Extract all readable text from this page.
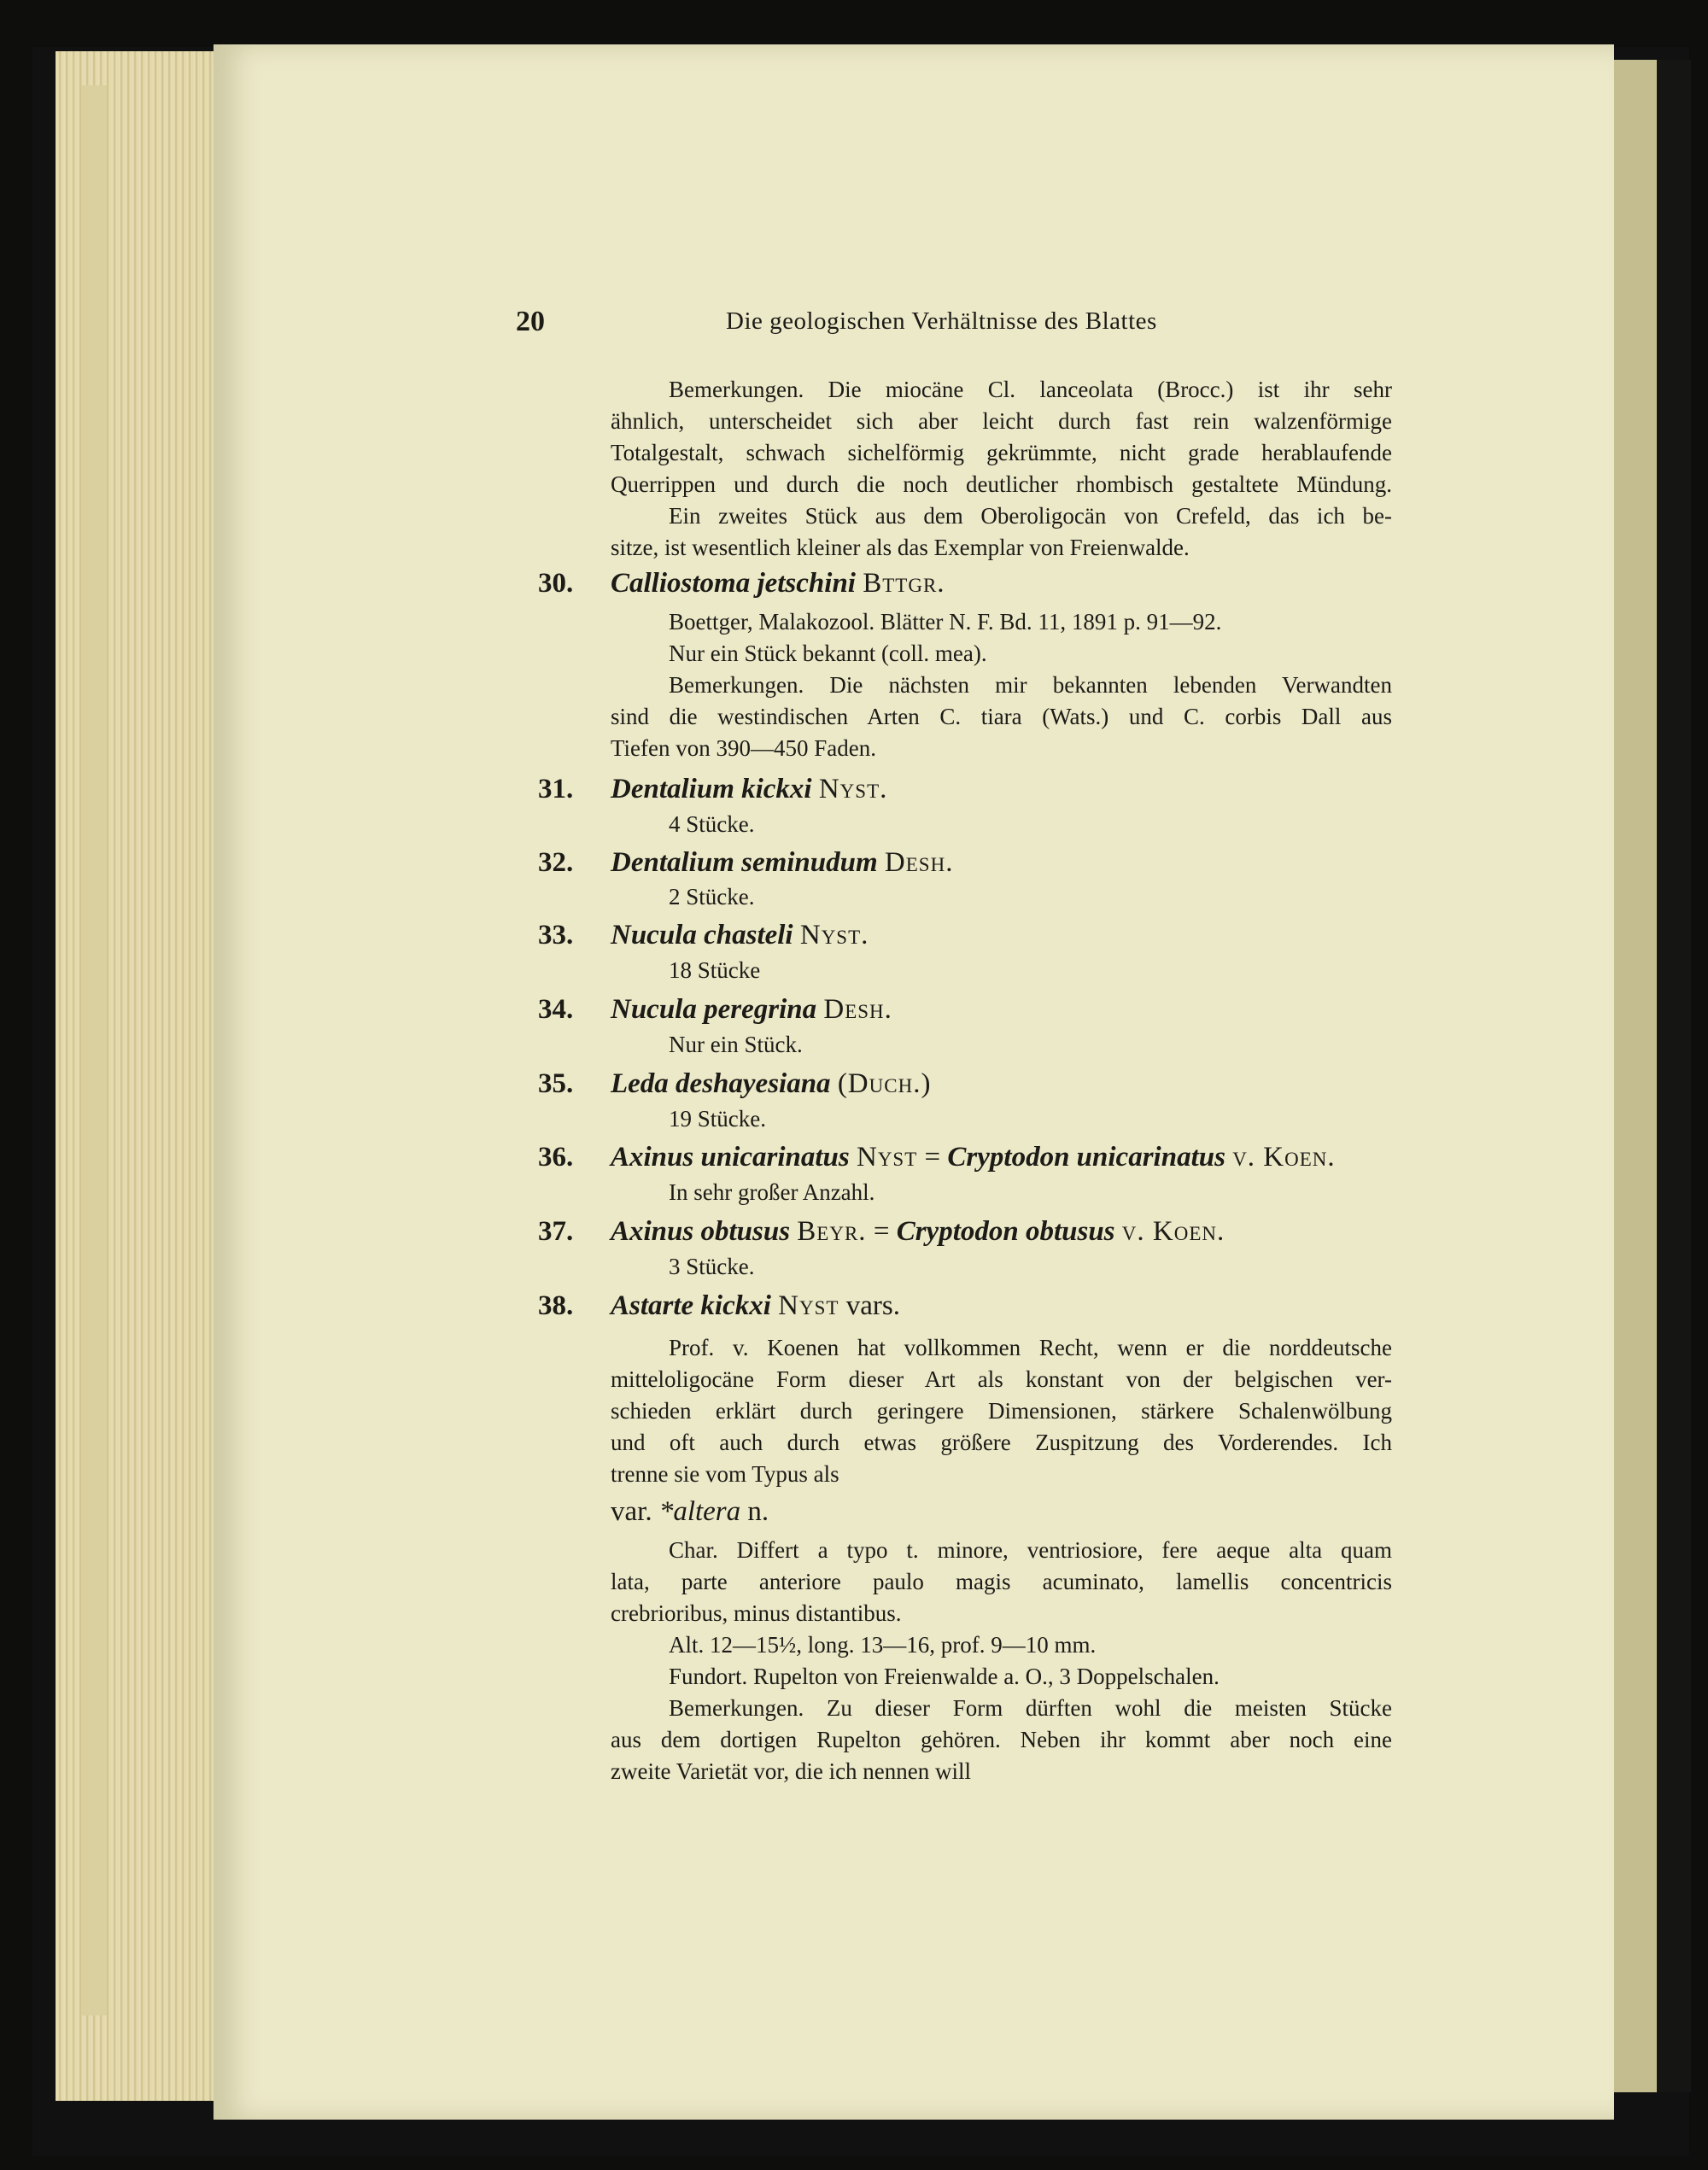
20	Die geologischen Verhältnisse des Blattes
Bemerkungen. Die miocäne Cl. lanceolata (Brocc.) ist ihr sehr
ähnlich, unterscheidet sich aber leicht durch fast rein walzenförmige
Totalgestalt, schwach sichelförmig gekrümmte, nicht grade herablaufende
Querrippen und durch die noch deutlicher rhombisch gestaltete Mündung.
Ein zweites Stück aus dem Oberoligocän von Crefeld, das ich be-
sitze, ist wesentlich kleiner als das Exemplar von Freienwalde.
30. Calliostoma jetschini Bttgr.
Boettger, Malakozool. Blätter N. F. Bd. 11, 1891 p. 91—92.
Nur ein Stück bekannt (coll. mea).
Bemerkungen. Die nächsten mir bekannten lebenden Verwandten
sind die westindischen Arten C. tiara (Wats.) und C. corbis Dall aus
Tiefen von 390—450 Faden.
31. Dentalium kickxi Nyst.
4 Stücke.
32. Dentalium seminudum Desh.
2 Stücke.
33. Nucula chasteli Nyst.
18 Stücke
34. Nucula peregrina Desh.
Nur ein Stück.
35. Leda deshayesiana (Duch.)
19 Stücke.
36. Axinus unicarinatus Nyst = Cryptodon unicarinatus v. Koen.
In sehr großer Anzahl.
37. Axinus obtusus Beyr. = Cryptodon obtusus v. Koen.
3 Stücke.
38. Astarte kickxi Nyst vars.
Prof. v. Koenen hat vollkommen Recht, wenn er die norddeutsche
mitteloligocäne Form dieser Art als konstant von der belgischen ver-
schieden erklärt durch geringere Dimensionen, stärkere Schalenwölbung
und oft auch durch etwas größere Zuspitzung des Vorderendes. Ich
trenne sie vom Typus als
var. *altera n.
Char. Differt a typo t. minore, ventriosiore, fere aeque alta quam
lata, parte anteriore paulo magis acuminato, lamellis concentricis
crebrioribus, minus distantibus.
Alt. 12—15½, long. 13—16, prof. 9—10 mm.
Fundort. Rupelton von Freienwalde a. O., 3 Doppelschalen.
Bemerkungen. Zu dieser Form dürften wohl die meisten Stücke
aus dem dortigen Rupelton gehören. Neben ihr kommt aber noch eine
zweite Varietät vor, die ich nennen will
